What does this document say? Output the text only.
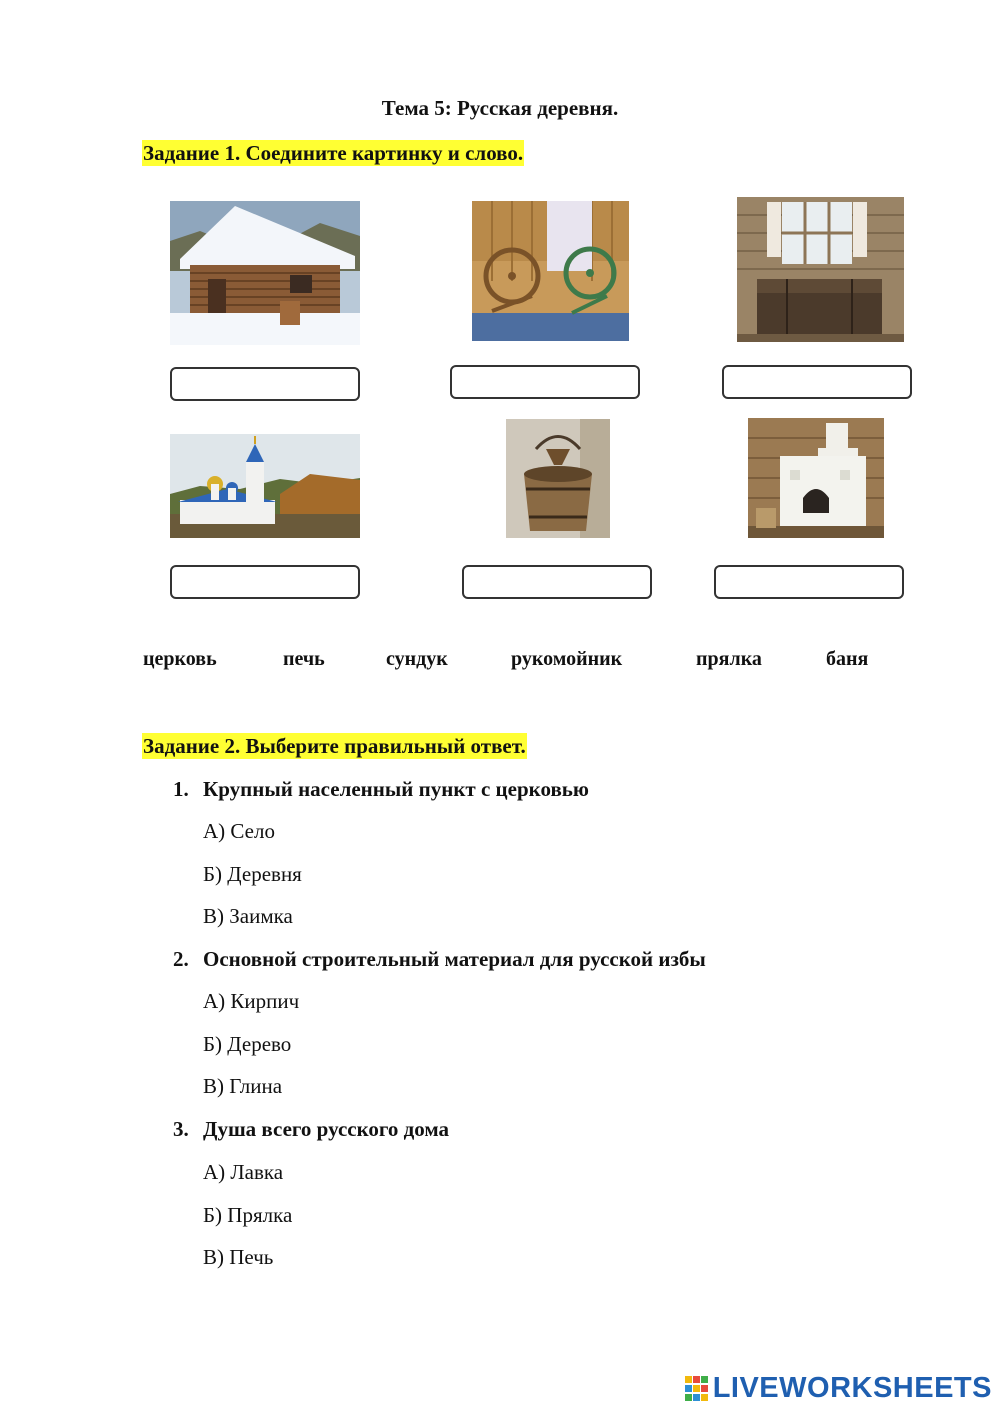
Тема 5: Русская деревня.
Задание 1. Соедините картинку и слово.
церковь	печь	сундук	рукомойник	прялка	баня
Задание 2. Выберите правильный ответ.
1. Крупный населенный пункт с церковью
А) Село
Б) Деревня
В) Заимка
2. Основной строительный материал для русской избы
А) Кирпич
Б) Дерево
В) Глина
3. Душа всего русского дома
А) Лавка
Б) Прялка
В) Печь
LIVEWORKSHEETS
